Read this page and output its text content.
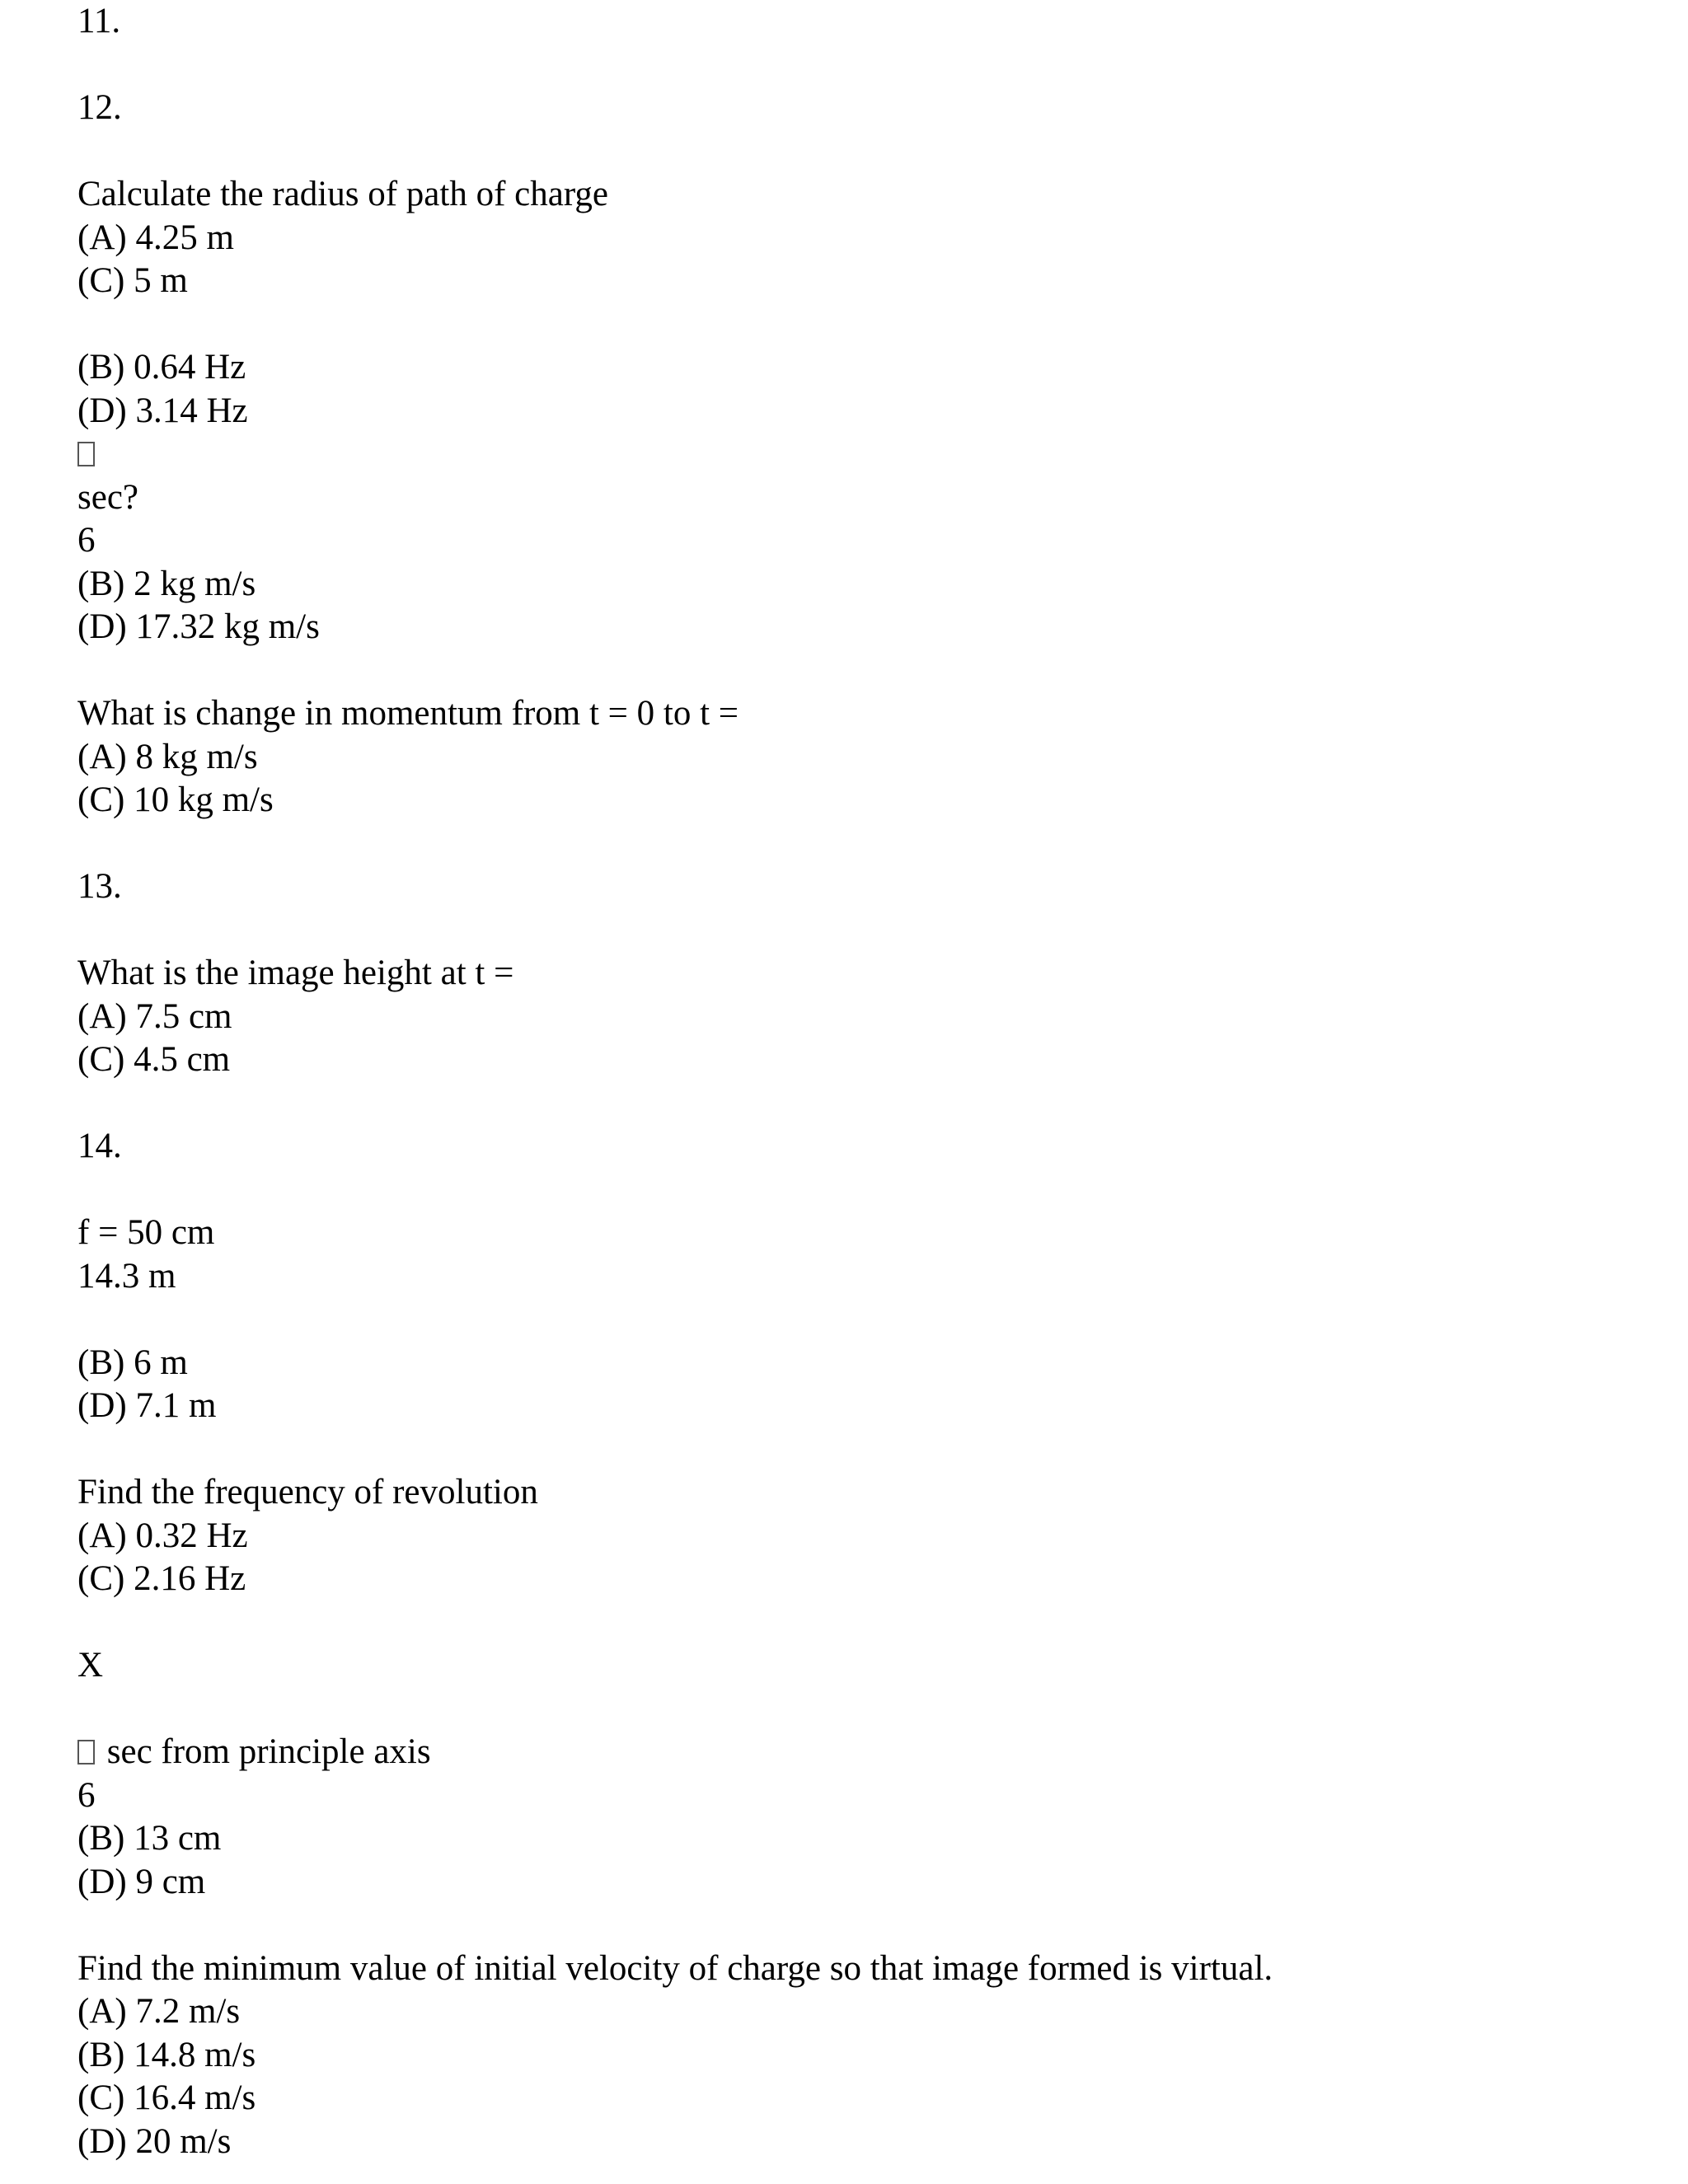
11.
12.
Calculate the radius of path of charge
(A) 4.25 m
(C) 5 m
(B) 0.64 Hz
(D) 3.14 Hz
sec?
6
(B) 2 kg m/s
(D) 17.32 kg m/s
What is change in momentum from t = 0 to t =
(A) 8 kg m/s
(C) 10 kg m/s
13.
What is the image height at t =
(A) 7.5 cm
(C) 4.5 cm
14.
f = 50 cm
14.3 m
(B) 6 m
(D) 7.1 m
Find the frequency of revolution
(A) 0.32 Hz
(C) 2.16 Hz
X
sec from principle axis
6
(B) 13 cm
(D) 9 cm
Find the minimum value of initial velocity of charge so that image formed is virtual.
(A) 7.2 m/s
(B) 14.8 m/s
(C) 16.4 m/s
(D) 20 m/s
